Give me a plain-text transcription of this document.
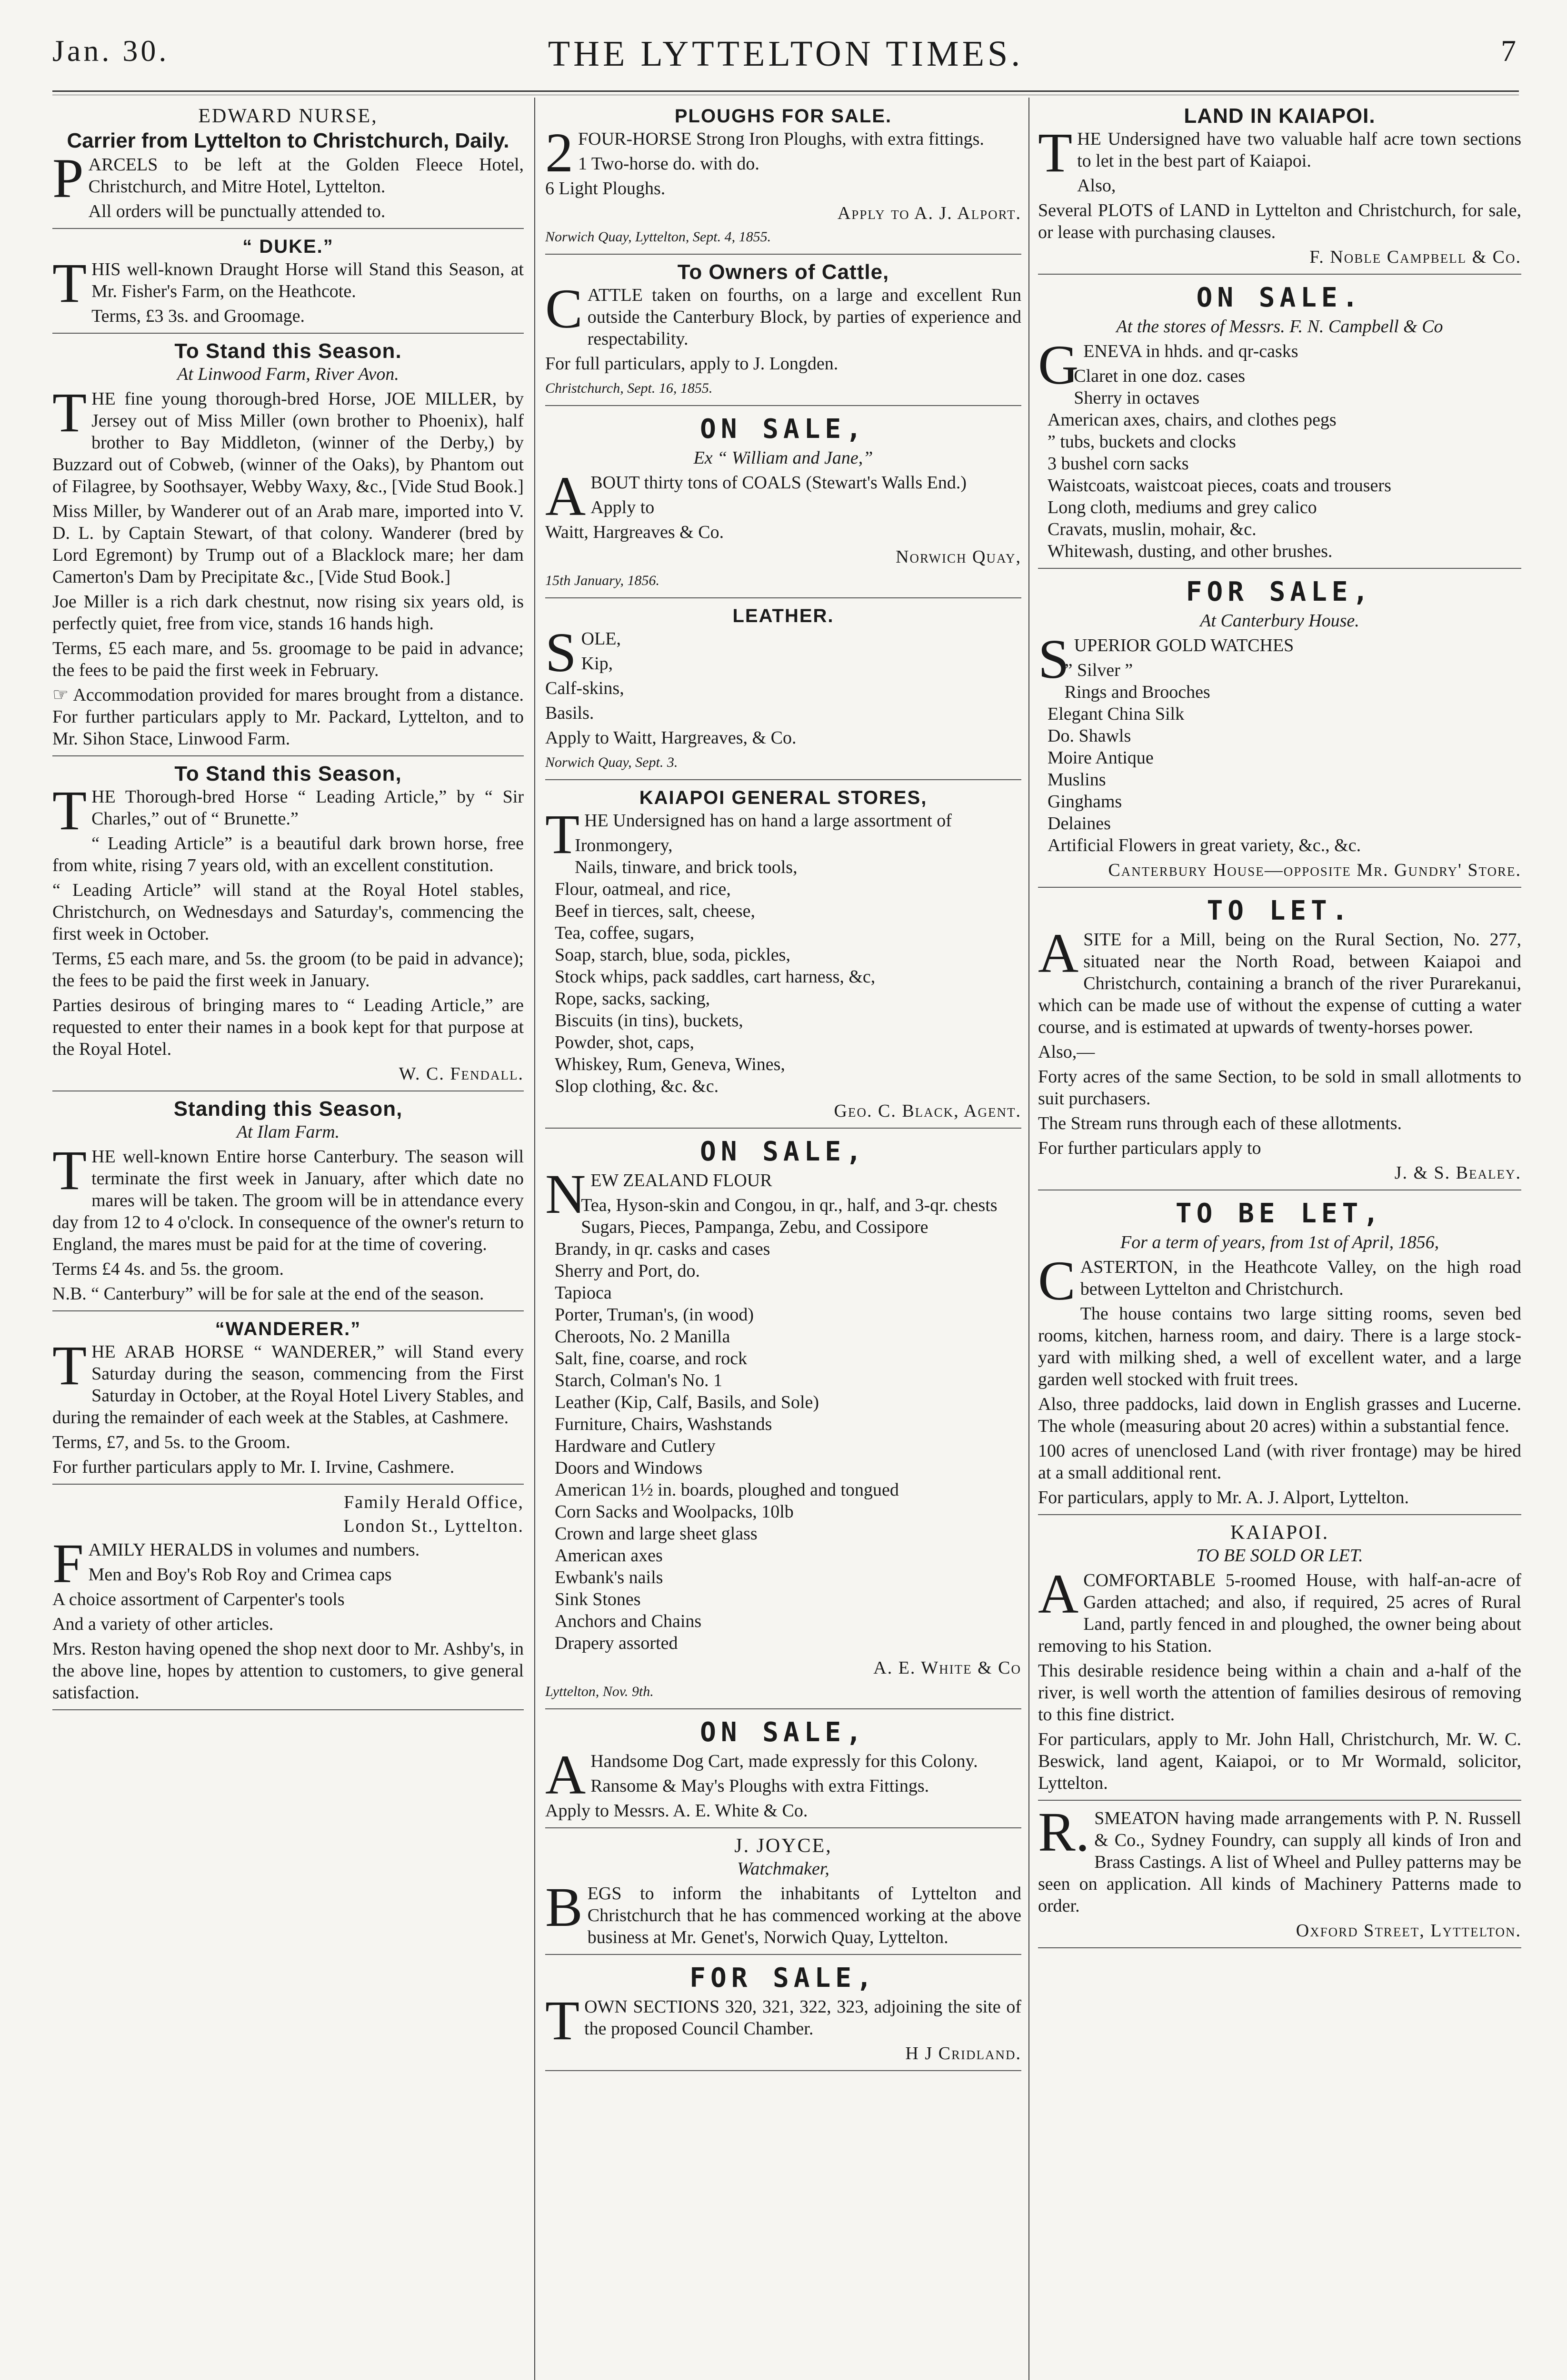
Jan. 30.	THE LYTTELTON TIMES.	7
EDWARD NURSE,
Carrier from Lyttelton to Christchurch, Daily.

PARCELS to be left at the Golden Fleece Hotel, Christchurch, and Mitre Hotel, Lyttelton.

All orders will be punctually attended to.

“ DUKE.”

THIS well-known Draught Horse will Stand this Season, at Mr. Fisher's Farm, on the Heathcote.

Terms, £3 3s. and Groomage.

To Stand this Season.
At Linwood Farm, River Avon.

THE fine young thorough-bred Horse, JOE MILLER, by Jersey out of Miss Miller (own brother to Phoenix), half brother to Bay Middleton, (winner of the Derby,) by Buzzard out of Cobweb, (winner of the Oaks), by Phantom out of Filagree, by Soothsayer, Webby Waxy, &c., [Vide Stud Book.]

Miss Miller, by Wanderer out of an Arab mare, imported into V. D. L. by Captain Stewart, of that colony. Wanderer (bred by Lord Egremont) by Trump out of a Blacklock mare; her dam Camerton's Dam by Precipitate &c., [Vide Stud Book.]

Joe Miller is a rich dark chestnut, now rising six years old, is perfectly quiet, free from vice, stands 16 hands high.

Terms, £5 each mare, and 5s. groomage to be paid in advance; the fees to be paid the first week in February.

☞ Accommodation provided for mares brought from a distance. For further particulars apply to Mr. Packard, Lyttelton, and to Mr. Sihon Stace, Linwood Farm.

To Stand this Season,

THE Thorough-bred Horse “ Leading Article,” by “ Sir Charles,” out of “ Brunette.”

“ Leading Article” is a beautiful dark brown horse, free from white, rising 7 years old, with an excellent constitution.

“ Leading Article” will stand at the Royal Hotel stables, Christchurch, on Wednesdays and Saturday's, commencing the first week in October.

Terms, £5 each mare, and 5s. the groom (to be paid in advance); the fees to be paid the first week in January.

Parties desirous of bringing mares to “ Leading Article,” are requested to enter their names in a book kept for that purpose at the Royal Hotel.

W. C. Fendall.
Standing this Season,
At Ilam Farm.

THE well-known Entire horse Canterbury. The season will terminate the first week in January, after which date no mares will be taken. The groom will be in attendance every day from 12 to 4 o'clock. In consequence of the owner's return to England, the mares must be paid for at the time of covering.

Terms £4 4s. and 5s. the groom.

N.B. “ Canterbury” will be for sale at the end of the season.

“WANDERER.”

THE ARAB HORSE “ WANDERER,” will Stand every Saturday during the season, commencing from the First Saturday in October, at the Royal Hotel Livery Stables, and during the remainder of each week at the Stables, at Cashmere.

Terms, £7, and 5s. to the Groom.

For further particulars apply to Mr. I. Irvine, Cashmere.

Family Herald Office,
London St., Lyttelton.

FAMILY HERALDS in volumes and numbers.

Men and Boy's Rob Roy and Crimea caps

A choice assortment of Carpenter's tools

And a variety of other articles.

Mrs. Reston having opened the shop next door to Mr. Ashby's, in the above line, hopes by attention to customers, to give general satisfaction.

PLOUGHS FOR SALE.

2FOUR-HORSE Strong Iron Ploughs, with extra fittings.

1 Two-horse do. with do.

6 Light Ploughs.

Apply to A. J. Alport.
Norwich Quay, Lyttelton, Sept. 4, 1855.
To Owners of Cattle,

CATTLE taken on fourths, on a large and excellent Run outside the Canterbury Block, by parties of experience and respectability.

For full particulars, apply to J. Longden.

Christchurch, Sept. 16, 1855.
ON SALE,
Ex “ William and Jane,”

ABOUT thirty tons of COALS (Stewart's Walls End.)

Apply to

Waitt, Hargreaves & Co.

Norwich Quay,
15th January, 1856.
LEATHER.

SOLE,

Kip,

Calf-skins,

Basils.

Apply to Waitt, Hargreaves, & Co.

Norwich Quay, Sept. 3.
KAIAPOI GENERAL STORES,

THE Undersigned has on hand a large assortment of

Ironmongery,
Nails, tinware, and brick tools,
Flour, oatmeal, and rice,
Beef in tierces, salt, cheese,
Tea, coffee, sugars,
Soap, starch, blue, soda, pickles,
Stock whips, pack saddles, cart harness, &c,
Rope, sacks, sacking,
Biscuits (in tins), buckets,
Powder, shot, caps,
Whiskey, Rum, Geneva, Wines,
Slop clothing, &c. &c.
Geo. C. Black, Agent.
ON SALE,

NEW ZEALAND FLOUR

Tea, Hyson-skin and Congou, in qr., half, and 3-qr. chests
Sugars, Pieces, Pampanga, Zebu, and Cossipore
Brandy, in qr. casks and cases
Sherry and Port, do.
Tapioca
Porter, Truman's, (in wood)
Cheroots, No. 2 Manilla
Salt, fine, coarse, and rock
Starch, Colman's No. 1
Leather (Kip, Calf, Basils, and Sole)
Furniture, Chairs, Washstands
Hardware and Cutlery
Doors and Windows
American 1½ in. boards, ploughed and tongued
Corn Sacks and Woolpacks, 10lb
Crown and large sheet glass
American axes
Ewbank's nails
Sink Stones
Anchors and Chains
Drapery assorted
A. E. White & Co
Lyttelton, Nov. 9th.
ON SALE,

AHandsome Dog Cart, made expressly for this Colony.

Ransome & May's Ploughs with extra Fittings.

Apply to Messrs. A. E. White & Co.

J. JOYCE,
Watchmaker,

BEGS to inform the inhabitants of Lyttelton and Christchurch that he has commenced working at the above business at Mr. Genet's, Norwich Quay, Lyttelton.

FOR SALE,

TOWN SECTIONS 320, 321, 322, 323, adjoining the site of the proposed Council Chamber.

H J Cridland.
LAND IN KAIAPOI.

THE Undersigned have two valuable half acre town sections to let in the best part of Kaiapoi.

Also,

Several PLOTS of LAND in Lyttelton and Christchurch, for sale, or lease with purchasing clauses.

F. Noble Campbell & Co.
ON SALE.
At the stores of Messrs. F. N. Campbell & Co

GENEVA in hhds. and qr-casks

Claret in one doz. cases
Sherry in octaves
American axes, chairs, and clothes pegs
” tubs, buckets and clocks
3 bushel corn sacks
Waistcoats, waistcoat pieces, coats and trousers
Long cloth, mediums and grey calico
Cravats, muslin, mohair, &c.
Whitewash, dusting, and other brushes.
FOR SALE,
At Canterbury House.

SUPERIOR GOLD WATCHES

” Silver ”
Rings and Brooches
Elegant China Silk
Do. Shawls
Moire Antique
Muslins
Ginghams
Delaines
Artificial Flowers in great variety, &c., &c.
Canterbury House—opposite Mr. Gundry' Store.
TO LET.

ASITE for a Mill, being on the Rural Section, No. 277, situated near the North Road, between Kaiapoi and Christchurch, containing a branch of the river Purarekanui, which can be made use of without the expense of cutting a water course, and is estimated at upwards of twenty-horses power.

Also,—

Forty acres of the same Section, to be sold in small allotments to suit purchasers.

The Stream runs through each of these allotments.

For further particulars apply to

J. & S. Bealey.
TO BE LET,
For a term of years, from 1st of April, 1856,

CASTERTON, in the Heathcote Valley, on the high road between Lyttelton and Christchurch.

The house contains two large sitting rooms, seven bed rooms, kitchen, harness room, and dairy. There is a large stock-yard with milking shed, a well of excellent water, and a large garden well stocked with fruit trees.

Also, three paddocks, laid down in English grasses and Lucerne. The whole (measuring about 20 acres) within a substantial fence.

100 acres of unenclosed Land (with river frontage) may be hired at a small additional rent.

For particulars, apply to Mr. A. J. Alport, Lyttelton.

KAIAPOI.
TO BE SOLD OR LET.

ACOMFORTABLE 5-roomed House, with half-an-acre of Garden attached; and also, if required, 25 acres of Rural Land, partly fenced in and ploughed, the owner being about removing to his Station.

This desirable residence being within a chain and a-half of the river, is well worth the attention of families desirous of removing to this fine district.

For particulars, apply to Mr. John Hall, Christchurch, Mr. W. C. Beswick, land agent, Kaiapoi, or to Mr Wormald, solicitor, Lyttelton.

R.SMEATON having made arrangements with P. N. Russell & Co., Sydney Foundry, can supply all kinds of Iron and Brass Castings. A list of Wheel and Pulley patterns may be seen on application. All kinds of Machinery Patterns made to order.

Oxford Street, Lyttelton.
